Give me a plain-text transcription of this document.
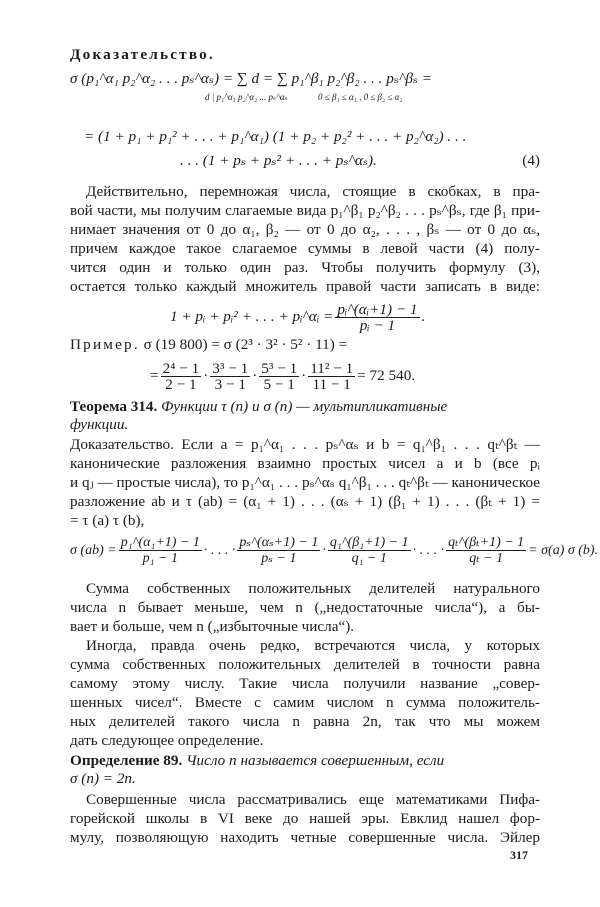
Доказательство.
σ (p₁^α₁ p₂^α₂ . . . pₛ^αₛ) = ∑ d = ∑ p₁^β₁ p₂^β₂ . . . pₛ^βₛ =
d | p₁^α₁ p₂^α₂ ... pₛ^αₛ	0 ≤ β₁ ≤ α₁ , 0 ≤ β₂ ≤ α₂
= (1 + p₁ + p₁² + . . . + p₁^α₁) (1 + p₂ + p₂² + . . . + p₂^α₂) . . .
. . . (1 + pₛ + pₛ² + . . . + pₛ^αₛ).	(4)
Действительно, перемножая числа, стоящие в скобках, в пра-
вой части, мы получим слагаемые вида p₁^β₁ p₂^β₂ . . . pₛ^βₛ, где β₁ при-
нимает значения от 0 до α₁, β₂ — от 0 до α₂, . . . , βₛ — от 0 до αₛ,
причем каждое такое слагаемое суммы в левой части (4) полу-
чится один и только один раз. Чтобы получить формулу (3),
остается только каждый множитель правой части записать в виде:
1 + pᵢ + pᵢ² + . . . + pᵢ^αᵢ = $\frac{\text{pᵢ\textasciicircum{}(αᵢ+1) − 1}}{\text{pᵢ − 1}}$ .
Пример. σ (19 800) = σ (2³ · 3² · 5² · 11) =
= $\frac{\text{2⁴ − 1}}{2 - 1} \cdot \frac{\text{3³ − 1}}{3 - 1} \cdot \frac{\text{5³ − 1}}{5 - 1} \cdot \frac{\text{11² − 1}}{11 - 1} = 72$ 540.
Теорема 314. Функции τ (n) и σ (n) — мультипликативные
функции.
Доказательство. Если a = p₁^α₁ . . . pₛ^αₛ и b = q₁^β₁ . . . qₜ^βₜ —
канонические разложения взаимно простых чисел a и b (все pᵢ
и qⱼ — простые числа), то p₁^α₁ . . . pₛ^αₛ q₁^β₁ . . . qₜ^βₜ — каноническое
разложение ab и τ (ab) = (α₁ + 1) . . . (αₛ + 1) (β₁ + 1) . . . (βₜ + 1) =
= τ (a) τ (b),
σ $(ab) = \frac{\text{p₁\textasciicircum{}(α₁+1) − 1}}{\text{p₁ − 1}}$ · . . . · $\frac{\text{pₛ\textasciicircum{}(αₛ+1) − 1}}{\text{pₛ − 1}} \cdot \frac{\text{q₁\textasciicircum{}(β₁+1) − 1}}{\text{q₁ − 1}}$ · . . . · $\frac{\text{qₜ\textasciicircum{}(βₜ+1) − 1}}{\text{qₜ − 1}} = \sigma(a)$ σ (b).
Сумма собственных положительных делителей натурального
числа n бывает меньше, чем n („недостаточные числа“), а бы-
вает и больше, чем n („избыточные числа“).
Иногда, правда очень редко, встречаются числа, у которых
сумма собственных положительных делителей в точности равна
самому этому числу. Такие числа получили название „совер-
шенных чисел“. Вместе с самим числом n сумма положитель-
ных делителей такого числа n равна 2n, так что мы можем
дать следующее определение.
Определение 89. Число n называется совершенным, если
σ (n) = 2n.
Совершенные числа рассматривались еще математиками Пифа-
горейской школы в VI веке до нашей эры. Евклид нашел фор-
мулу, позволяющую находить четные совершенные числа. Эйлер
317
